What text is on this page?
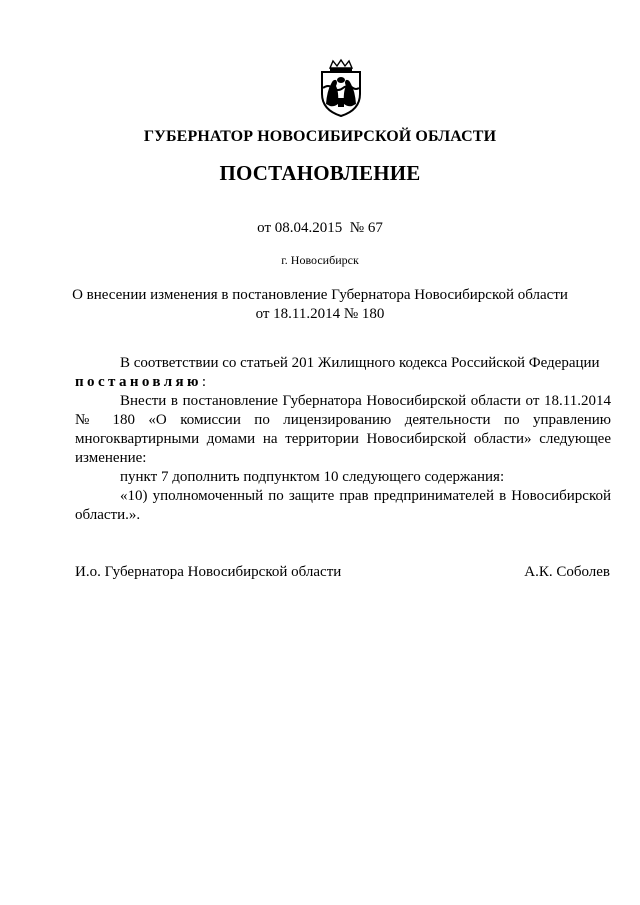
ГУБЕРНАТОР НОВОСИБИРСКОЙ ОБЛАСТИ
ПОСТАНОВЛЕНИЕ
от 08.04.2015  № 67
г. Новосибирск
О внесении изменения в постановление Губернатора Новосибирской области
от 18.11.2014 № 180

В соответствии со статьей 201 Жилищного кодекса Российской Федерации

постановляю:

Внести в постановление Губернатора Новосибирской области от 18.11.2014 № 180 «О комиссии по лицензированию деятельности по управлению многоквартирными домами на территории Новосибирской области» следующее изменение:

пункт 7 дополнить подпунктом 10 следующего содержания:

«10) уполномоченный по защите прав предпринимателей в Новосибирской области.».

И.о. Губернатора Новосибирской области	А.К. Соболев
